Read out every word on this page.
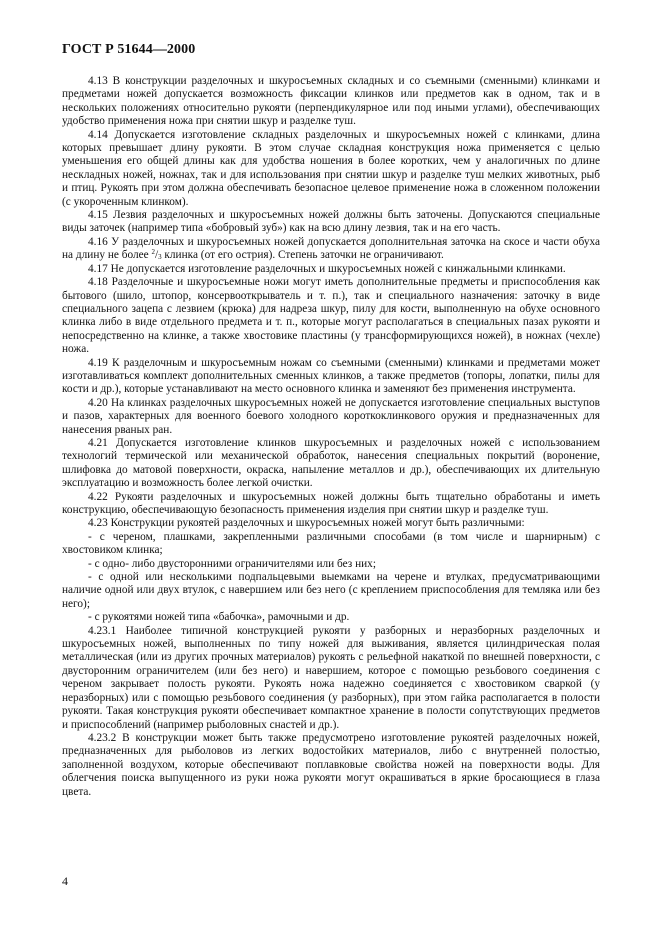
ГОСТ Р 51644—2000

4.13 В конструкции разделочных и шкуросъемных складных и со съемными (сменными) клинками и предметами ножей допускается возможность фиксации клинков или предметов как в одном, так и в нескольких положениях относительно рукояти (перпендикулярное или под иными углами), обеспечивающих удобство применения ножа при снятии шкур и разделке туш.

4.14 Допускается изготовление складных разделочных и шкуросъемных ножей с клинками, длина которых превышает длину рукояти. В этом случае складная конструкция ножа применяется с целью уменьшения его общей длины как для удобства ношения в более коротких, чем у аналогичных по длине нескладных ножей, ножнах, так и для использования при снятии шкур и разделке туш мелких животных, рыб и птиц. Рукоять при этом должна обеспечивать безопасное целевое применение ножа в сложенном положении (с укороченным клинком).

4.15 Лезвия разделочных и шкуросъемных ножей должны быть заточены. Допускаются специальные виды заточек (например типа «бобровый зуб») как на всю длину лезвия, так и на его часть.

4.16 У разделочных и шкуросъемных ножей допускается дополнительная заточка на скосе и части обуха на длину не более $^2/_3$ клинка (от его острия). Степень заточки не ограничивают.

4.17 Не допускается изготовление разделочных и шкуросъемных ножей с кинжальными клинками.

4.18 Разделочные и шкуросъемные ножи могут иметь дополнительные предметы и приспособления как бытового (шило, штопор, консервооткрыватель и т. п.), так и специального назначения: заточку в виде специального зацепа с лезвием (крюка) для надреза шкур, пилу для кости, выполненную на обухе основного клинка либо в виде отдельного предмета и т. п., которые могут располагаться в специальных пазах рукояти и непосредственно на клинке, а также хвостовике пластины (у трансформирующихся ножей), в ножнах (чехле) ножа.

4.19 К разделочным и шкуросъемным ножам со съемными (сменными) клинками и предметами может изготавливаться комплект дополнительных сменных клинков, а также предметов (топоры, лопатки, пилы для кости и др.), которые устанавливают на место основного клинка и заменяют без применения инструмента.

4.20 На клинках разделочных шкуросъемных ножей не допускается изготовление специальных выступов и пазов, характерных для военного боевого холодного короткоклинкового оружия и предназначенных для нанесения рваных ран.

4.21 Допускается изготовление клинков шкуросъемных и разделочных ножей с использованием технологий термической или механической обработок, нанесения специальных покрытий (воронение, шлифовка до матовой поверхности, окраска, напыление металлов и др.), обеспечивающих их длительную эксплуатацию и возможность более легкой очистки.

4.22 Рукояти разделочных и шкуросъемных ножей должны быть тщательно обработаны и иметь конструкцию, обеспечивающую безопасность применения изделия при снятии шкур и разделке туш.

4.23 Конструкции рукоятей разделочных и шкуросъемных ножей могут быть различными:

- с череном, плашками, закрепленными различными способами (в том числе и шарнирным) с хвостовиком клинка;

- с одно- либо двусторонними ограничителями или без них;

- с одной или несколькими подпальцевыми выемками на черене и втулках, предусматривающими наличие одной или двух втулок, с навершием или без него (с креплением приспособления для темляка или без него);

- с рукоятями ножей типа «бабочка», рамочными и др.

4.23.1 Наиболее типичной конструкцией рукояти у разборных и неразборных разделочных и шкуросъемных ножей, выполненных по типу ножей для выживания, является цилиндрическая полая металлическая (или из других прочных материалов) рукоять с рельефной накаткой по внешней поверхности, с двусторонним ограничителем (или без него) и навершием, которое с помощью резьбового соединения с череном закрывает полость рукояти. Рукоять ножа надежно соединяется с хвостовиком сваркой (у неразборных) или с помощью резьбового соединения (у разборных), при этом гайка располагается в полости рукояти. Такая конструкция рукояти обеспечивает компактное хранение в полости сопутствующих предметов и приспособлений (например рыболовных снастей и др.).

4.23.2 В конструкции может быть также предусмотрено изготовление рукоятей разделочных ножей, предназначенных для рыболовов из легких водостойких материалов, либо с внутренней полостью, заполненной воздухом, которые обеспечивают поплавковые свойства ножей на поверхности воды. Для облегчения поиска выпущенного из руки ножа рукояти могут окрашиваться в яркие бросающиеся в глаза цвета.

4
